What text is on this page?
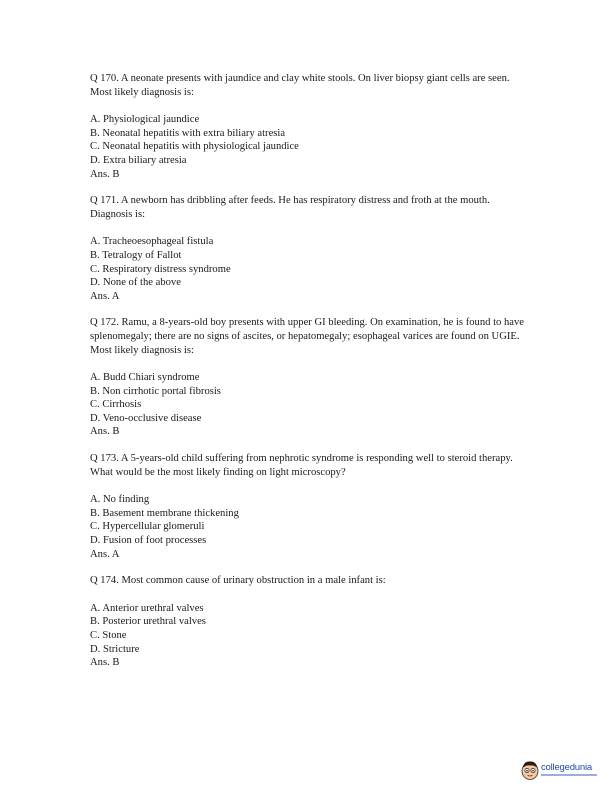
Q 170. A neonate presents with jaundice and clay white stools. On liver biopsy giant cells are seen. Most likely diagnosis is:

A. Physiological jaundice
B. Neonatal hepatitis with extra biliary atresia
C. Neonatal hepatitis with physiological jaundice
D. Extra biliary atresia

Ans. B

Q 171. A newborn has dribbling after feeds. He has respiratory distress and froth at the mouth. Diagnosis is:

A. Tracheoesophageal fistula
B. Tetralogy of Fallot
C. Respiratory distress syndrome
D. None of the above

Ans. A

Q 172. Ramu, a 8-years-old boy presents with upper GI bleeding. On examination, he is found to have splenomegaly; there are no signs of ascites, or hepatomegaly; esophageal varices are found on UGIE. Most likely diagnosis is:

A. Budd Chiari syndrome
B. Non cirrhotic portal fibrosis
C. Cirrhosis
D. Veno-occlusive disease

Ans. B

Q 173. A 5-years-old child suffering from nephrotic syndrome is responding well to steroid therapy. What would be the most likely finding on light microscopy?

A. No finding
B. Basement membrane thickening
C. Hypercellular glomeruli
D. Fusion of foot processes

Ans. A

Q 174. Most common cause of urinary obstruction in a male infant is:

A. Anterior urethral valves
B. Posterior urethral valves
C. Stone
D. Stricture

Ans. B

collegedunia
